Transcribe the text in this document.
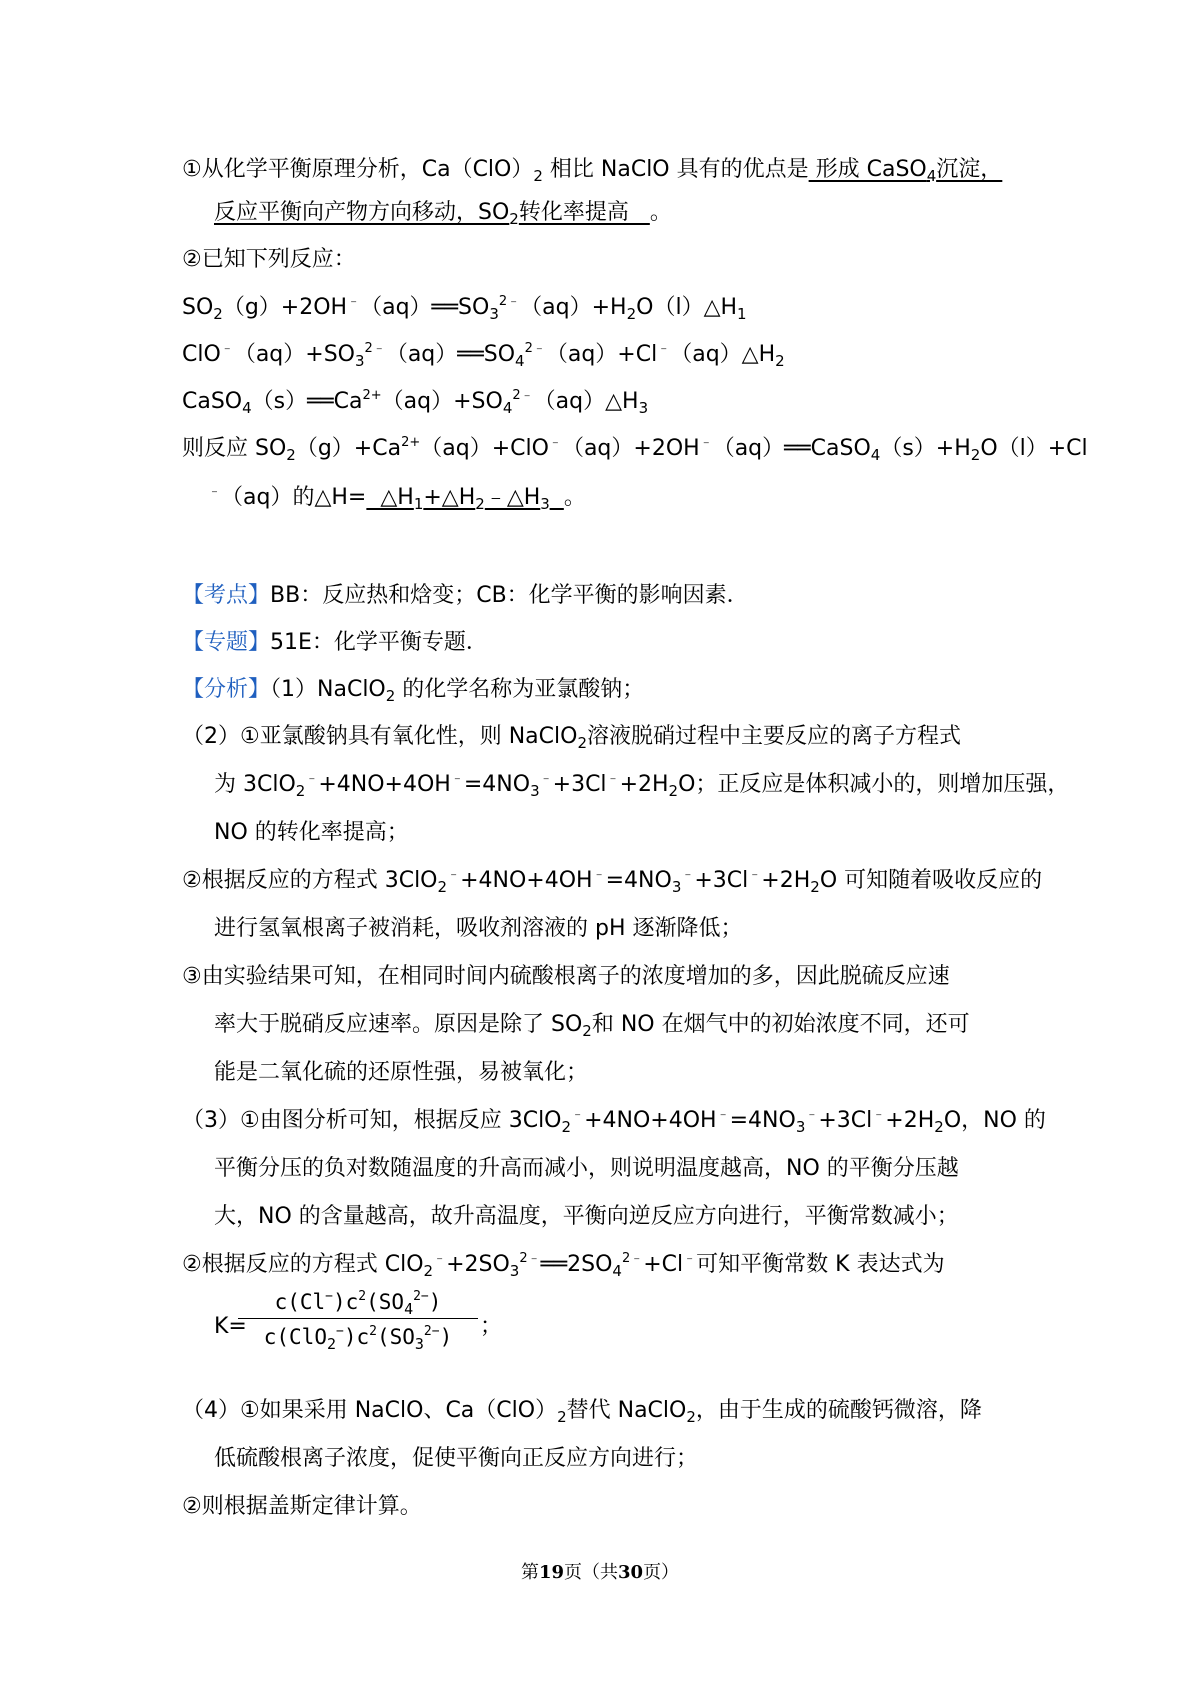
①从化学平衡原理分析，$Ca(ClO)_2$ 相比 NaClO 具有的优点是 形成 CaSO$_4$沉淀，
反应平衡向产物方向移动，$SO_2$转化率提高   。
②已知下列反应：
$SO_2(g)+2OH^﹣(aq)══SO_3^{2﹣}(aq)+H_2O(l)\triangle H_1$
$ClO^﹣(aq)+SO_3^{2﹣}(aq)══SO_4^{2﹣}(aq)+Cl^﹣(aq)\triangle H_2$
$CaSO_4(s)══Ca^{2+}(aq)+SO_4^{2﹣}(aq)\triangle H_3$
则反应 $SO_2(g)+Ca^{2+}(aq)+ClO^﹣(aq)+2OH^﹣(aq)══CaSO_4(s)+H_2O(l)+Cl$
﹣（aq）的△H=  $\triangle H_1+\triangle H_2﹣\triangle H_3$ 。
【考点】BB：反应热和焓变；CB：化学平衡的影响因素．
【专题】51E：化学平衡专题．
【分析】（1）NaClO$_2$ 的化学名称为亚氯酸钠；
（2）①亚氯酸钠具有氧化性，则 NaClO$_2$溶液脱硝过程中主要反应的离子方程式
为 $3ClO_2^﹣+4NO+4OH^﹣=4NO_3^﹣+3Cl^﹣+2H_2O$；正反应是体积减小的，则增加压强，
NO 的转化率提高；
②根据反应的方程式 $3ClO_2^﹣+4NO+4OH^﹣=4NO_3^﹣+3Cl^﹣+2H_2O$ 可知随着吸收反应的
进行氢氧根离子被消耗，吸收剂溶液的 pH 逐渐降低；
③由实验结果可知，在相同时间内硫酸根离子的浓度增加的多，因此脱硫反应速
率大于脱硝反应速率。原因是除了 $SO_2$和 NO 在烟气中的初始浓度不同，还可
能是二氧化硫的还原性强，易被氧化；
（3）①由图分析可知，根据反应 $3ClO_2^﹣+4NO+4OH^﹣=4NO_3^﹣+3Cl^﹣+2H_2O$，NO 的
平衡分压的负对数随温度的升高而减小，则说明温度越高，NO 的平衡分压越
大，NO 的含量越高，故升高温度，平衡向逆反应方向进行，平衡常数减小；
②根据反应的方程式 $ClO_2^﹣+2SO_3^{2﹣}══2SO_4^{2﹣}+Cl^﹣$可知平衡常数 K 表达式为
K=
$c(Cl^-)c^2(SO_4^{2-})$
$c(ClO_2^-)c^2(SO_3^{2-})$	；
（4）①如果采用 NaClO、$Ca(ClO)_2$替代 NaClO$_2$，由于生成的硫酸钙微溶，降
低硫酸根离子浓度，促使平衡向正反应方向进行；
②则根据盖斯定律计算。
第19页（共30页）
